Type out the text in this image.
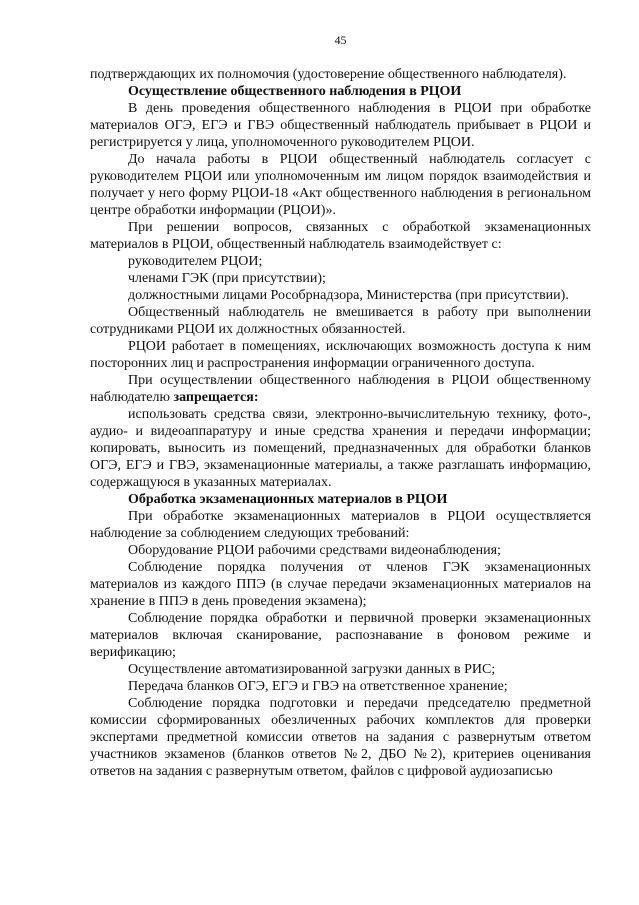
45

подтверждающих их полномочия (удостоверение общественного наблюдателя).

Осуществление общественного наблюдения в РЦОИ

В день проведения общественного наблюдения в РЦОИ при обработке материалов ОГЭ, ЕГЭ и ГВЭ общественный наблюдатель прибывает в РЦОИ и регистрируется у лица, уполномоченного руководителем РЦОИ.

До начала работы в РЦОИ общественный наблюдатель согласует с руководителем РЦОИ или уполномоченным им лицом порядок взаимодействия и получает у него форму РЦОИ-18 «Акт общественного наблюдения в региональном центре обработки информации (РЦОИ)».

При решении вопросов, связанных с обработкой экзаменационных материалов в РЦОИ, общественный наблюдатель взаимодействует с:

руководителем РЦОИ;

членами ГЭК (при присутствии);

должностными лицами Рособрнадзора, Министерства (при присутствии).

Общественный наблюдатель не вмешивается в работу при выполнении сотрудниками РЦОИ их должностных обязанностей.

РЦОИ работает в помещениях, исключающих возможность доступа к ним посторонних лиц и распространения информации ограниченного доступа.

При осуществлении общественного наблюдения в РЦОИ общественному наблюдателю запрещается:

использовать средства связи, электронно-вычислительную технику, фото-, аудио- и видеоаппаратуру и иные средства хранения и передачи информации; копировать, выносить из помещений, предназначенных для обработки бланков ОГЭ, ЕГЭ и ГВЭ, экзаменационные материалы, а также разглашать информацию, содержащуюся в указанных материалах.

Обработка экзаменационных материалов в РЦОИ

При обработке экзаменационных материалов в РЦОИ осуществляется наблюдение за соблюдением следующих требований:

Оборудование РЦОИ рабочими средствами видеонаблюдения;

Соблюдение порядка получения от членов ГЭК экзаменационных материалов из каждого ППЭ (в случае передачи экзаменационных материалов на хранение в ППЭ в день проведения экзамена);

Соблюдение порядка обработки и первичной проверки экзаменационных материалов включая сканирование, распознавание в фоновом режиме и верификацию;

Осуществление автоматизированной загрузки данных в РИС;

Передача бланков ОГЭ, ЕГЭ и ГВЭ на ответственное хранение;

Соблюдение порядка подготовки и передачи председателю предметной комиссии сформированных обезличенных рабочих комплектов для проверки экспертами предметной комиссии ответов на задания с развернутым ответом участников экзаменов (бланков ответов №2, ДБО №2), критериев оценивания ответов на задания с развернутым ответом, файлов с цифровой аудиозаписью
